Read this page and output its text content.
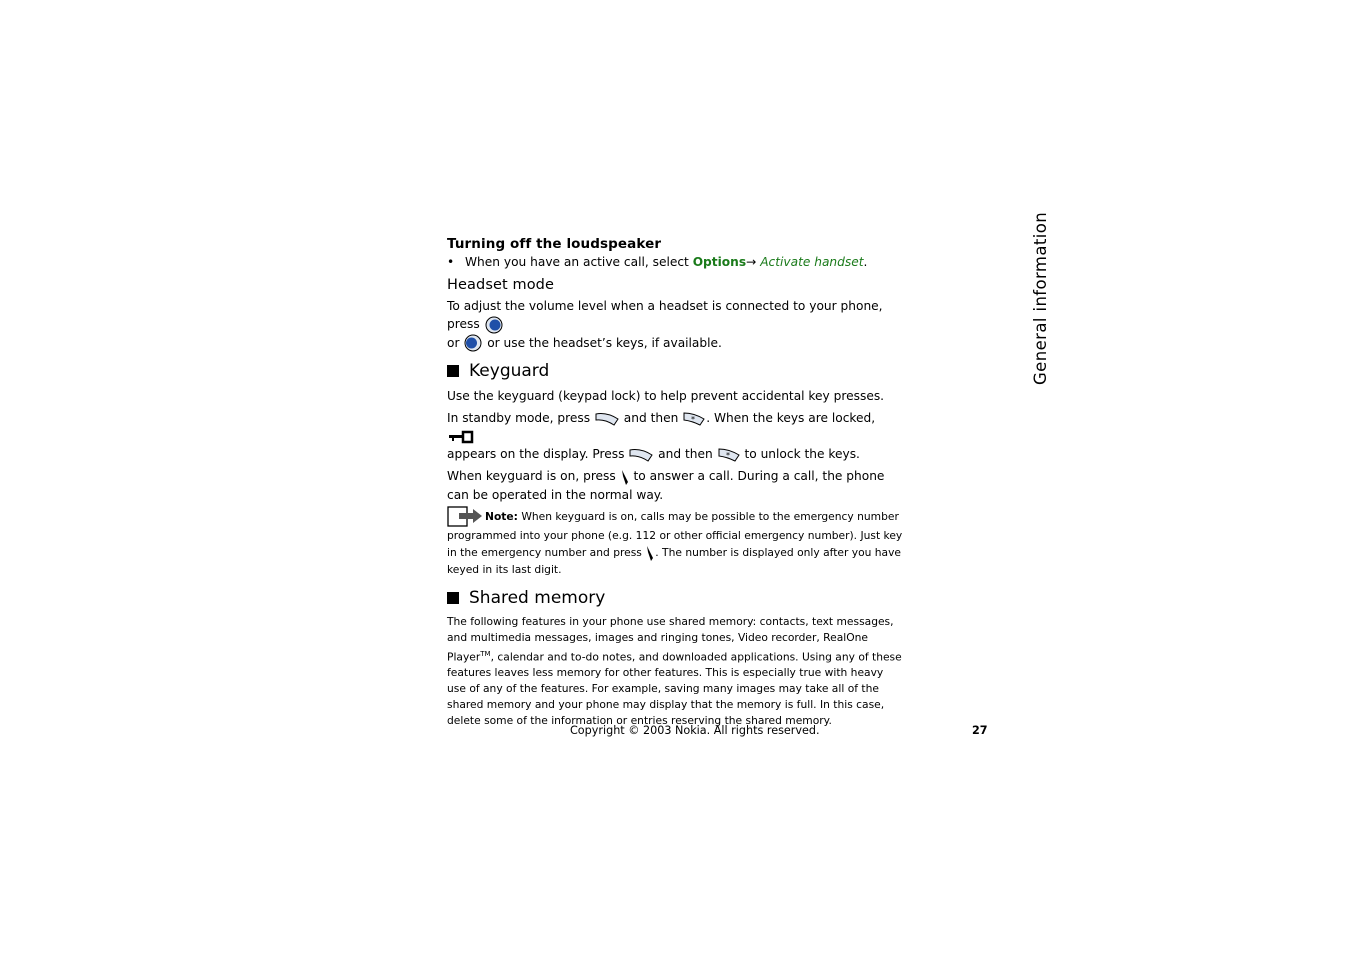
Turning off the loudspeaker

• When you have an active call, select Options→ Activate handset.

Headset mode

To adjust the volume level when a headset is connected to your phone, press
or  or use the headset’s keys, if available.

Keyguard

Use the keyguard (keypad lock) to help prevent accidental key presses.

In standby mode, press  and then * . When the keys are locked,
appears on the display. Press  and then * to unlock the keys.

When keyguard is on, press  to answer a call. During a call, the phone can be operated in the normal way.

Note: When keyguard is on, calls may be possible to the emergency number programmed into your phone (e.g. 112 or other official emergency number). Just key in the emergency number and press . The number is displayed only after you have keyed in its last digit.

Shared memory

The following features in your phone use shared memory: contacts, text messages, and multimedia messages, images and ringing tones, Video recorder, RealOne Player™, calendar and to-do notes, and downloaded applications. Using any of these features leaves less memory for other features. This is especially true with heavy use of any of the features. For example, saving many images may take all of the shared memory and your phone may display that the memory is full. In this case, delete some of the information or entries reserving the shared memory.

General information
Copyright © 2003 Nokia. All rights reserved.	27
